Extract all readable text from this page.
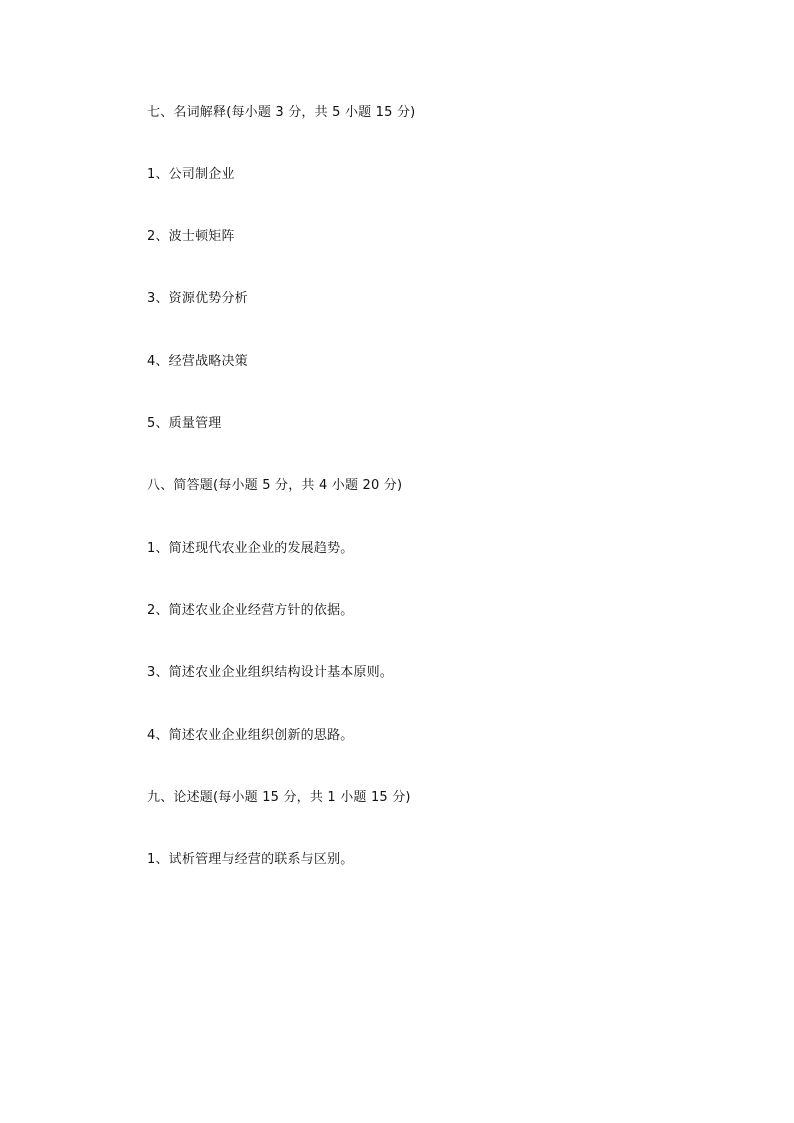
七、名词解释(每小题 3 分，共 5 小题 15 分)
1、公司制企业
2、波士顿矩阵
3、资源优势分析
4、经营战略决策
5、质量管理
八、简答题(每小题 5 分，共 4 小题 20 分)
1、简述现代农业企业的发展趋势。
2、简述农业企业经营方针的依据。
3、简述农业企业组织结构设计基本原则。
4、简述农业企业组织创新的思路。
九、论述题(每小题 15 分，共 1 小题 15 分)
1、试析管理与经营的联系与区别。
